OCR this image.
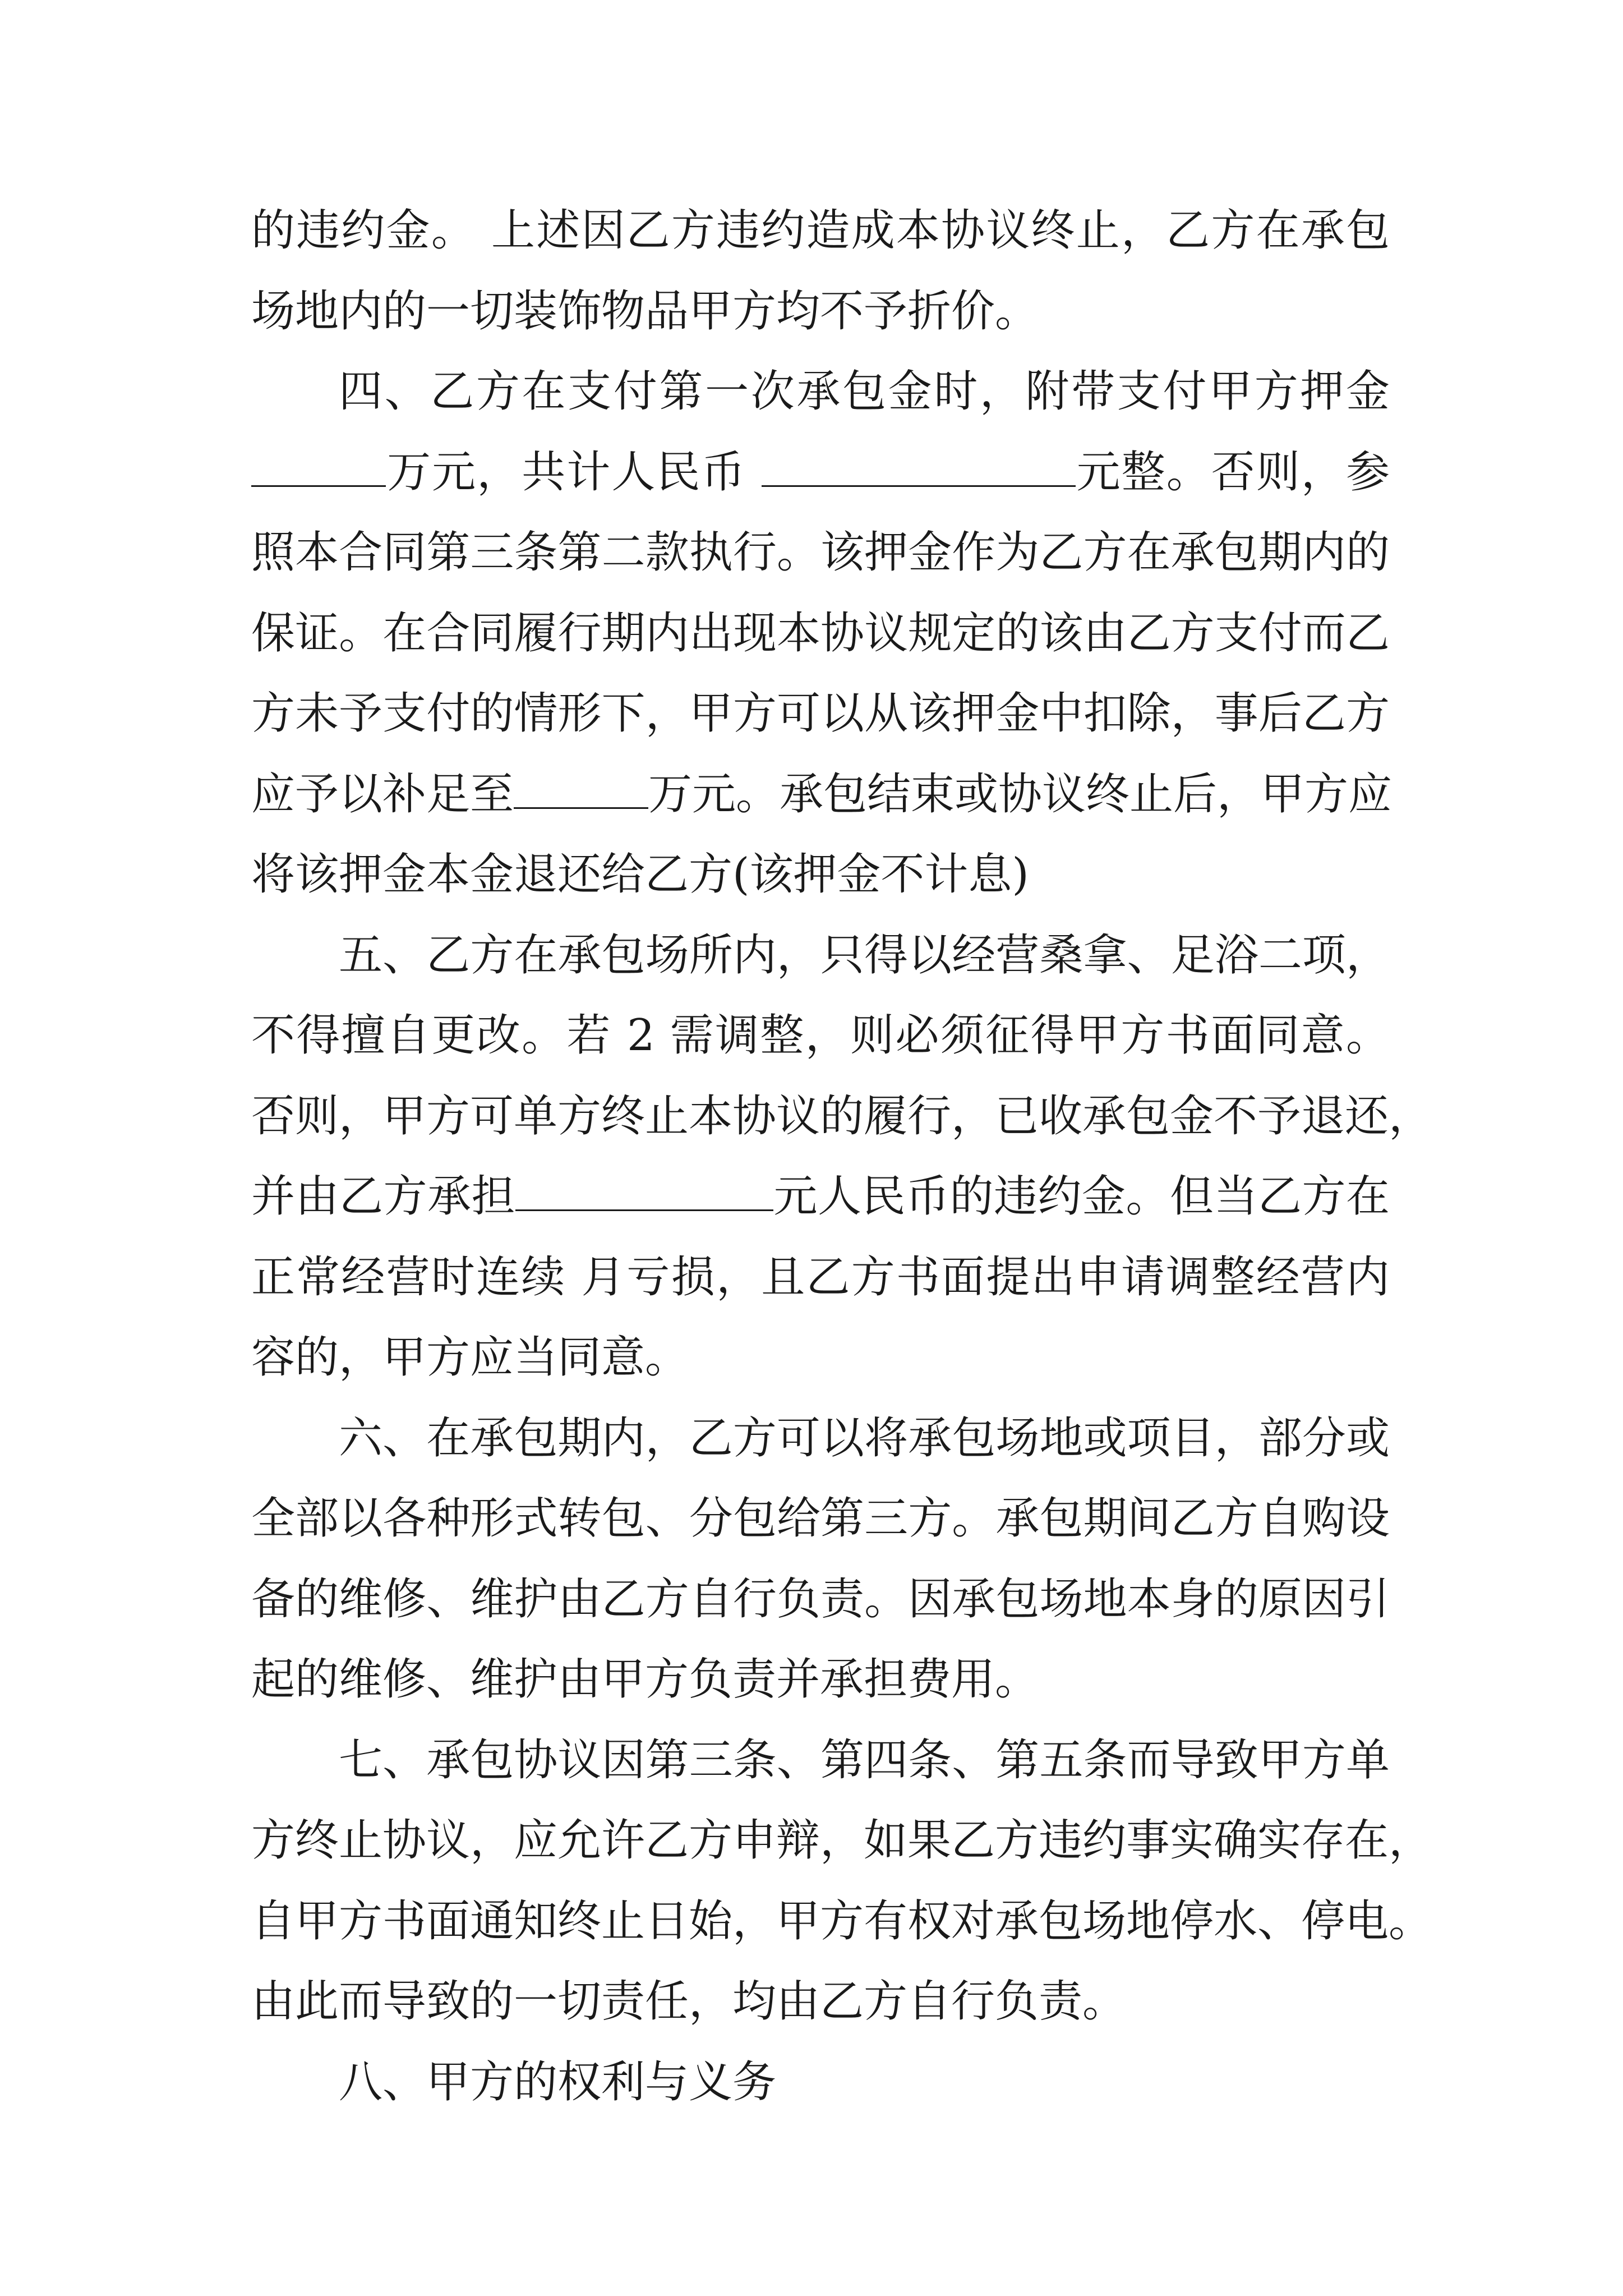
的违约金。 上述因乙方违约造成本协议终止，乙方在承包
场地内的一切装饰物品甲方均不予折价。
四、乙方在支付第一次承包金时，附带支付甲方押金
万元，共计人民币	元整。否则，参
照本合同第三条第二款执行。该押金作为乙方在承包期内的
保证。在合同履行期内出现本协议规定的该由乙方支付而乙
方未予支付的情形下，甲方可以从该押金中扣除，事后乙方
应予以补足至	万元。承包结束或协议终止后，甲方应
将该押金本金退还给乙方(该押金不计息)
五、乙方在承包场所内，只得以经营桑拿、足浴二项，
不得擅自更改。若 2 需调整，则必须征得甲方书面同意。
否则，甲方可单方终止本协议的履行，已收承包金不予退还，
并由乙方承担	元人民币的违约金。但当乙方在
正常经营时连续 月亏损，且乙方书面提出申请调整经营内
容的，甲方应当同意。
六、在承包期内，乙方可以将承包场地或项目，部分或
全部以各种形式转包、分包给第三方。承包期间乙方自购设
备的维修、维护由乙方自行负责。因承包场地本身的原因引
起的维修、维护由甲方负责并承担费用。
七、承包协议因第三条、第四条、第五条而导致甲方单
方终止协议，应允许乙方申辩，如果乙方违约事实确实存在，
自甲方书面通知终止日始，甲方有权对承包场地停水、停电。
由此而导致的一切责任，均由乙方自行负责。
八、甲方的权利与义务
